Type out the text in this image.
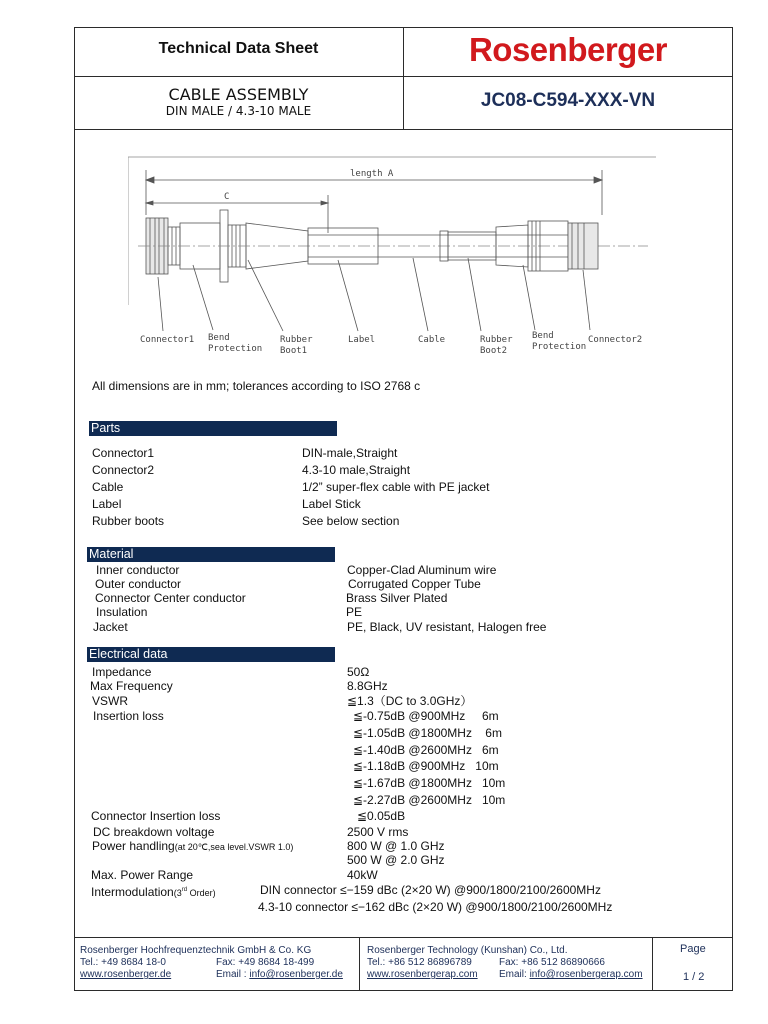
Technical Data Sheet	Rosenberger
CABLE ASSEMBLY
DIN MALE / 4.3-10 MALE	JC08-C594-XXX-VN
length A
C
Connector1 Bend Protection
Rubber Boot1
Label	Cable	Rubber Boot2
Bend Protection
Connector2
All dimensions are in mm; tolerances according to ISO 2768 c
Parts
Connector1	DIN-male,Straight
Connector2	4.3-10 male,Straight
Cable	1/2” super-flex cable with PE jacket
Label	Label Stick
Rubber boots	See below section
Material
Inner conductor	Copper-Clad Aluminum wire
Outer conductor	Corrugated Copper Tube
Connector Center conductor	Brass Silver Plated
Insulation	PE
Jacket	PE, Black, UV resistant, Halogen free
Electrical data
Impedance	50Ω
Max Frequency	8.8GHz
VSWR	≦1.3（DC to 3.0GHz）
Insertion loss	≦-0.75dB @900MHz     6m
≦-1.05dB @1800MHz    6m
≦-1.40dB @2600MHz   6m
≦-1.18dB @900MHz   10m
≦-1.67dB @1800MHz   10m
≦-2.27dB @2600MHz   10m
Connector Insertion loss	≦0.05dB
DC breakdown voltage	2500 V rms
Power handling(at 20℃,sea level.VSWR 1.0)	800 W @ 1.0 GHz
500 W @ 2.0 GHz
Max. Power Range	40kW
Intermodulation(3rd Order)	DIN connector ≤−159 dBc (2×20 W) @900/1800/2100/2600MHz
4.3-10 connector ≤−162 dBc (2×20 W) @900/1800/2100/2600MHz
Rosenberger Hochfrequenztechnik GmbH & Co. KG
Tel.: +49 8684 18-0	Fax: +49 8684 18-499
www.rosenberger.de	Email : info@rosenberger.de
Rosenberger Technology (Kunshan) Co., Ltd.
Tel.: +86 512 86896789	Fax: +86 512 86890666
www.rosenbergerap.com Email: info@rosenbergerap.com
Page
1 / 2
